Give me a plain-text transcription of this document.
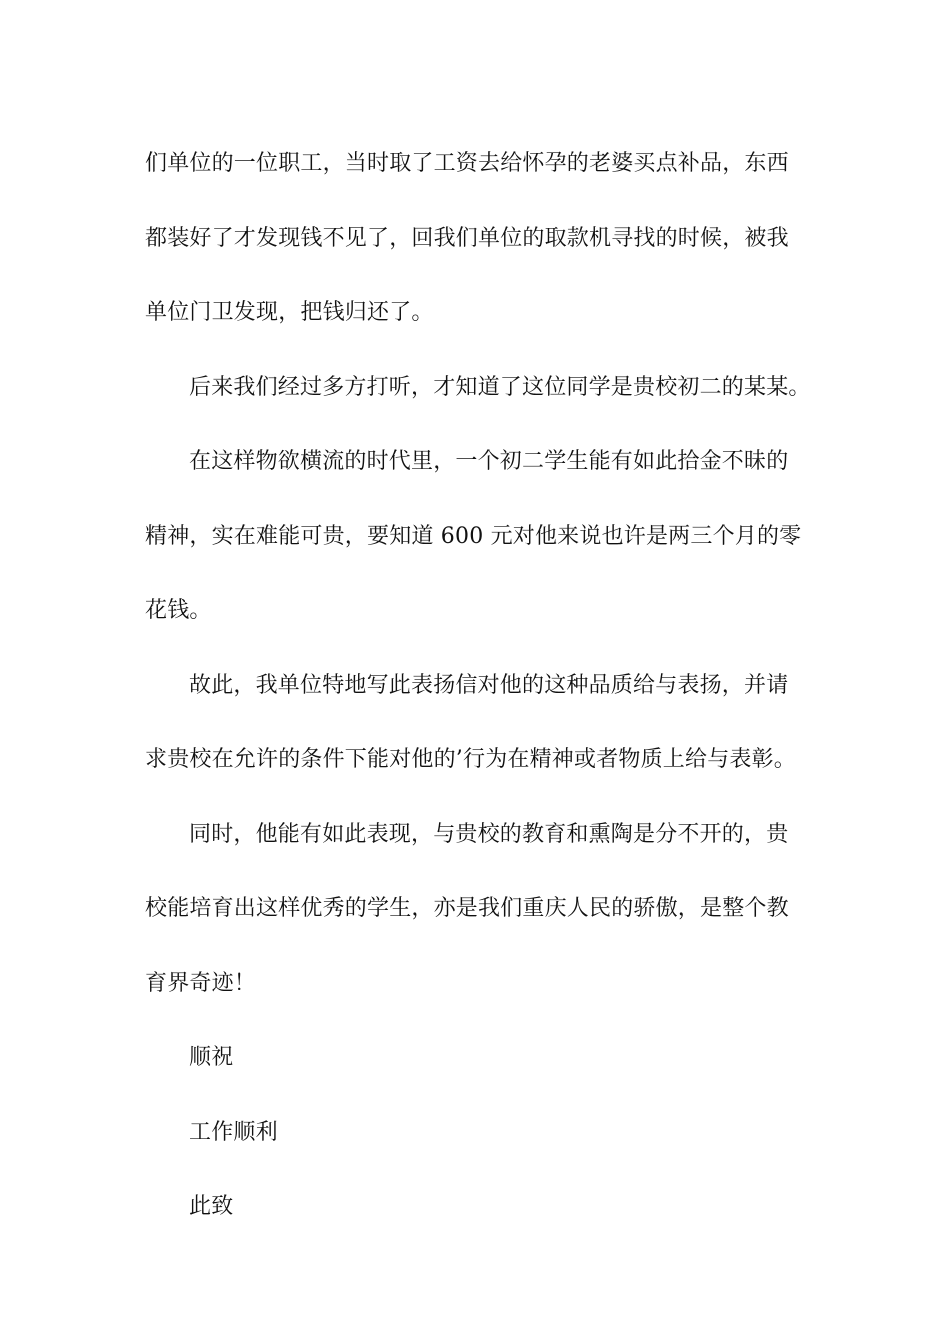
们单位的一位职工，当时取了工资去给怀孕的老婆买点补品，东西
都装好了才发现钱不见了，回我们单位的取款机寻找的时候，被我
单位门卫发现，把钱归还了。
后来我们经过多方打听，才知道了这位同学是贵校初二的某某。
在这样物欲横流的时代里，一个初二学生能有如此拾金不昧的
精神，实在难能可贵，要知道 600 元对他来说也许是两三个月的零
花钱。
故此，我单位特地写此表扬信对他的这种品质给与表扬，并请
求贵校在允许的条件下能对他的’行为在精神或者物质上给与表彰。
同时，他能有如此表现，与贵校的教育和熏陶是分不开的，贵
校能培育出这样优秀的学生，亦是我们重庆人民的骄傲，是整个教
育界奇迹！
顺祝
工作顺利
此致
